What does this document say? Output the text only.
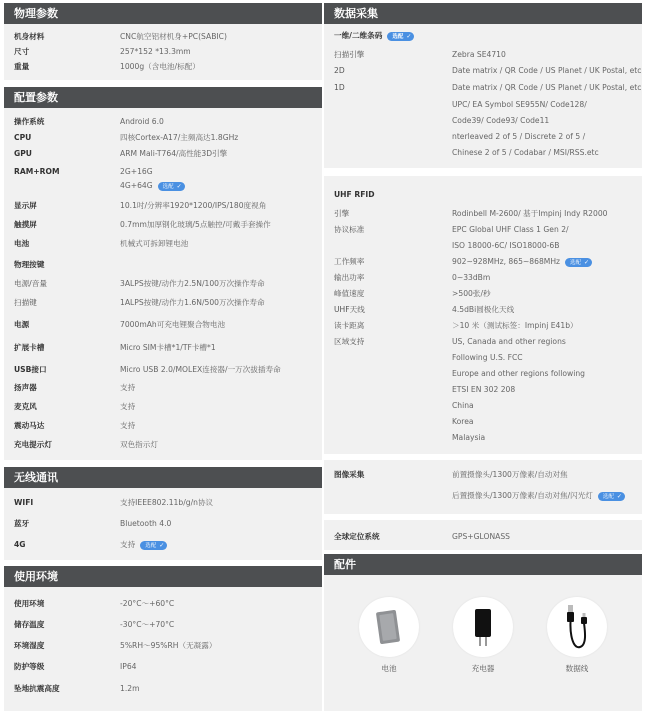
物理参数
机身材料	CNC航空铝材机身+PC(SABIC)
尺寸	257*152 *13.3mm
重量	1000g（含电池/标配）
配置参数
操作系统	Android 6.0
CPU	四核Cortex-A17/主频高达1.8GHz
GPU	ARM Mali-T764/高性能3D引擎
RAM+ROM	2G+16G
4G+64G 选配 ✓
显示屏	10.1吋/分辨率1920*1200/IPS/180度视角
触摸屏	0.7mm加厚钢化玻璃/5点触控/可戴手套操作
电池	机械式可拆卸锂电池
物理按键
电源/音量	3ALPS按键/动作力2.5N/100万次操作寿命
扫描键	1ALPS按键/动作力1.6N/500万次操作寿命
电源	7000mAh可充电锂聚合物电池
扩展卡槽	Micro SIM卡槽*1/TF卡槽*1
USB接口	Micro USB 2.0/MOLEX连接器/一万次拔插寿命
扬声器	支持
麦克风	支持
震动马达	支持
充电提示灯	双色指示灯
无线通讯
WIFI	支持IEEE802.11b/g/n协议
蓝牙	Bluetooth 4.0
4G	支持 选配 ✓
使用环境
使用环境	-20°C～+60°C
储存温度	-30°C～+70°C
环境湿度	5%RH～95%RH（无凝露）
防护等级	IP64
坠地抗震高度	1.2m
数据采集
一维/二维条码 选配 ✓
扫描引擎	Zebra SE4710
2D	Date matrix / QR Code / US Planet / UK Postal, etc
1D	Date matrix / QR Code / US Planet / UK Postal, etc
UPC/ EA Symbol SE955N/ Code128/
Code39/ Code93/ Code11
nterleaved 2 of 5 / Discrete 2 of 5 /
Chinese 2 of 5 / Codabar / MSI/RSS.etc
UHF RFID
引擎	Rodinbell M-2600/ 基于Impinj Indy R2000
协议标准	EPC Global UHF Class 1 Gen 2/
ISO 18000-6C/ ISO18000-6B
工作频率	902~928MHz, 865~868MHz 选配 ✓
输出功率	0~33dBm
峰值速度	>500张/秒
UHF天线	4.5dBi圆极化天线
读卡距离	＞10 米（测试标签：Impinj E41b）
区域支持	US, Canada and other regions
Following U.S. FCC
Europe and other regions following
ETSI EN 302 208
China
Korea
Malaysia
图像采集	前置摄像头/1300万像素/自动对焦
后置摄像头/1300万像素/自动对焦/闪光灯 选配 ✓
全球定位系统	GPS+GLONASS
配件
电池	充电器	数据线
